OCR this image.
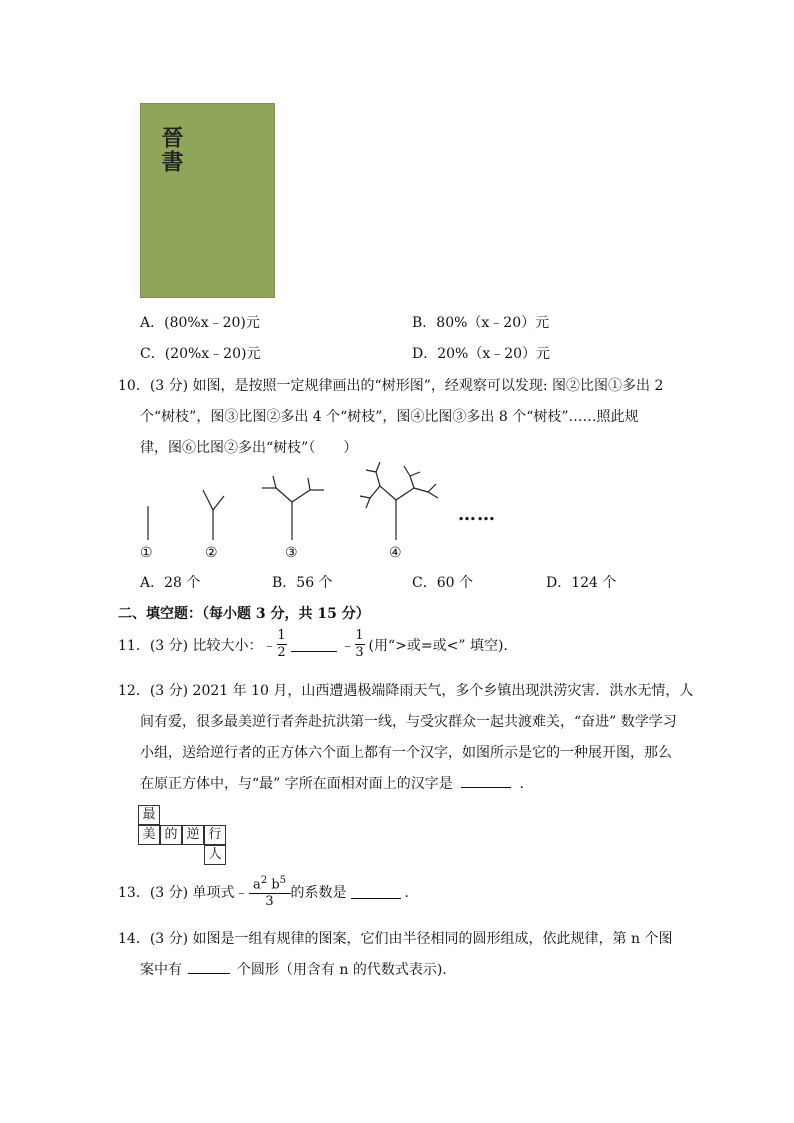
晉書
A．(80%x﹣20)元	B．80%（x﹣20）元
C．(20%x﹣20)元	D．20%（x﹣20）元
10．(3 分) 如图，是按照一定规律画出的“树形图”，经观察可以发现: 图②比图①多出 2
个“树枝”，图③比图②多出 4 个“树枝”，图④比图③多出 8 个“树枝”……照此规
律，图⑥比图②多出“树枝”（　　）
……
①	②	③	④
A．28 个	B．56 个	C．60 个	D．124 个
二、填空题：（每小题 3 分，共 15 分）
11．(3 分) 比较大小： ﹣ $\frac{1}{2}$	﹣ $\frac{1}{3}$ (用“>或=或<” 填空).
12．(3 分) 2021 年 10 月，山西遭遇极端降雨天气，多个乡镇出现洪涝灾害．洪水无情，人
间有爱，很多最美逆行者奔赴抗洪第一线，与受灾群众一起共渡难关，“奋进” 数学学习
小组，送给逆行者的正方体六个面上都有一个汉字，如图所示是它的一种展开图，那么
在原正方体中，与“最” 字所在面相对面上的汉字是	．
最
美 的 逆 行
人
13．(3 分) 单项式 ﹣ $\frac{a^2 b^5}{3}$ 的系数是	．
14．(3 分) 如图是一组有规律的图案，它们由半径相同的圆形组成，依此规律，第 n 个图
案中有	个圆形（用含有 n 的代数式表示).
